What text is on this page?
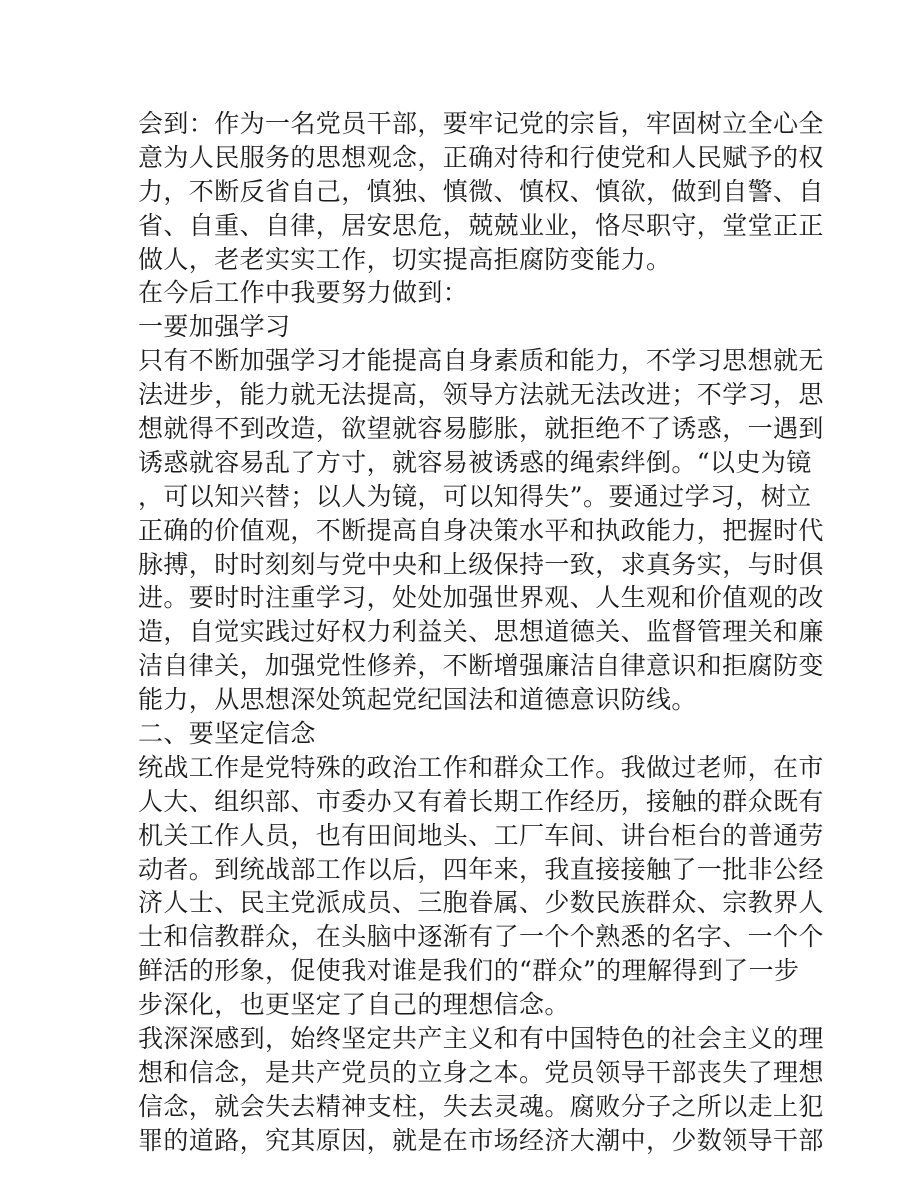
会到：作为一名党员干部，要牢记党的宗旨，牢固树立全心全
意为人民服务的思想观念，正确对待和行使党和人民赋予的权
力，不断反省自己，慎独、慎微、慎权、慎欲，做到自警、自
省、自重、自律，居安思危，兢兢业业，恪尽职守，堂堂正正
做人，老老实实工作，切实提高拒腐防变能力。
在今后工作中我要努力做到：
一要加强学习
只有不断加强学习才能提高自身素质和能力，不学习思想就无
法进步，能力就无法提高，领导方法就无法改进；不学习，思
想就得不到改造，欲望就容易膨胀，就拒绝不了诱惑，一遇到
诱惑就容易乱了方寸，就容易被诱惑的绳索绊倒。“以史为镜
，可以知兴替；以人为镜，可以知得失”。要通过学习，树立
正确的价值观，不断提高自身决策水平和执政能力，把握时代
脉搏，时时刻刻与党中央和上级保持一致，求真务实，与时俱
进。要时时注重学习，处处加强世界观、人生观和价值观的改
造，自觉实践过好权力利益关、思想道德关、监督管理关和廉
洁自律关，加强党性修养，不断增强廉洁自律意识和拒腐防变
能力，从思想深处筑起党纪国法和道德意识防线。
二、要坚定信念
统战工作是党特殊的政治工作和群众工作。我做过老师，在市
人大、组织部、市委办又有着长期工作经历，接触的群众既有
机关工作人员，也有田间地头、工厂车间、讲台柜台的普通劳
动者。到统战部工作以后，四年来，我直接接触了一批非公经
济人士、民主党派成员、三胞眷属、少数民族群众、宗教界人
士和信教群众，在头脑中逐渐有了一个个熟悉的名字、一个个
鲜活的形象，促使我对谁是我们的“群众”的理解得到了一步
步深化，也更坚定了自己的理想信念。
我深深感到，始终坚定共产主义和有中国特色的社会主义的理
想和信念，是共产党员的立身之本。党员领导干部丧失了理想
信念，就会失去精神支柱，失去灵魂。腐败分子之所以走上犯
罪的道路，究其原因，就是在市场经济大潮中，少数领导干部
